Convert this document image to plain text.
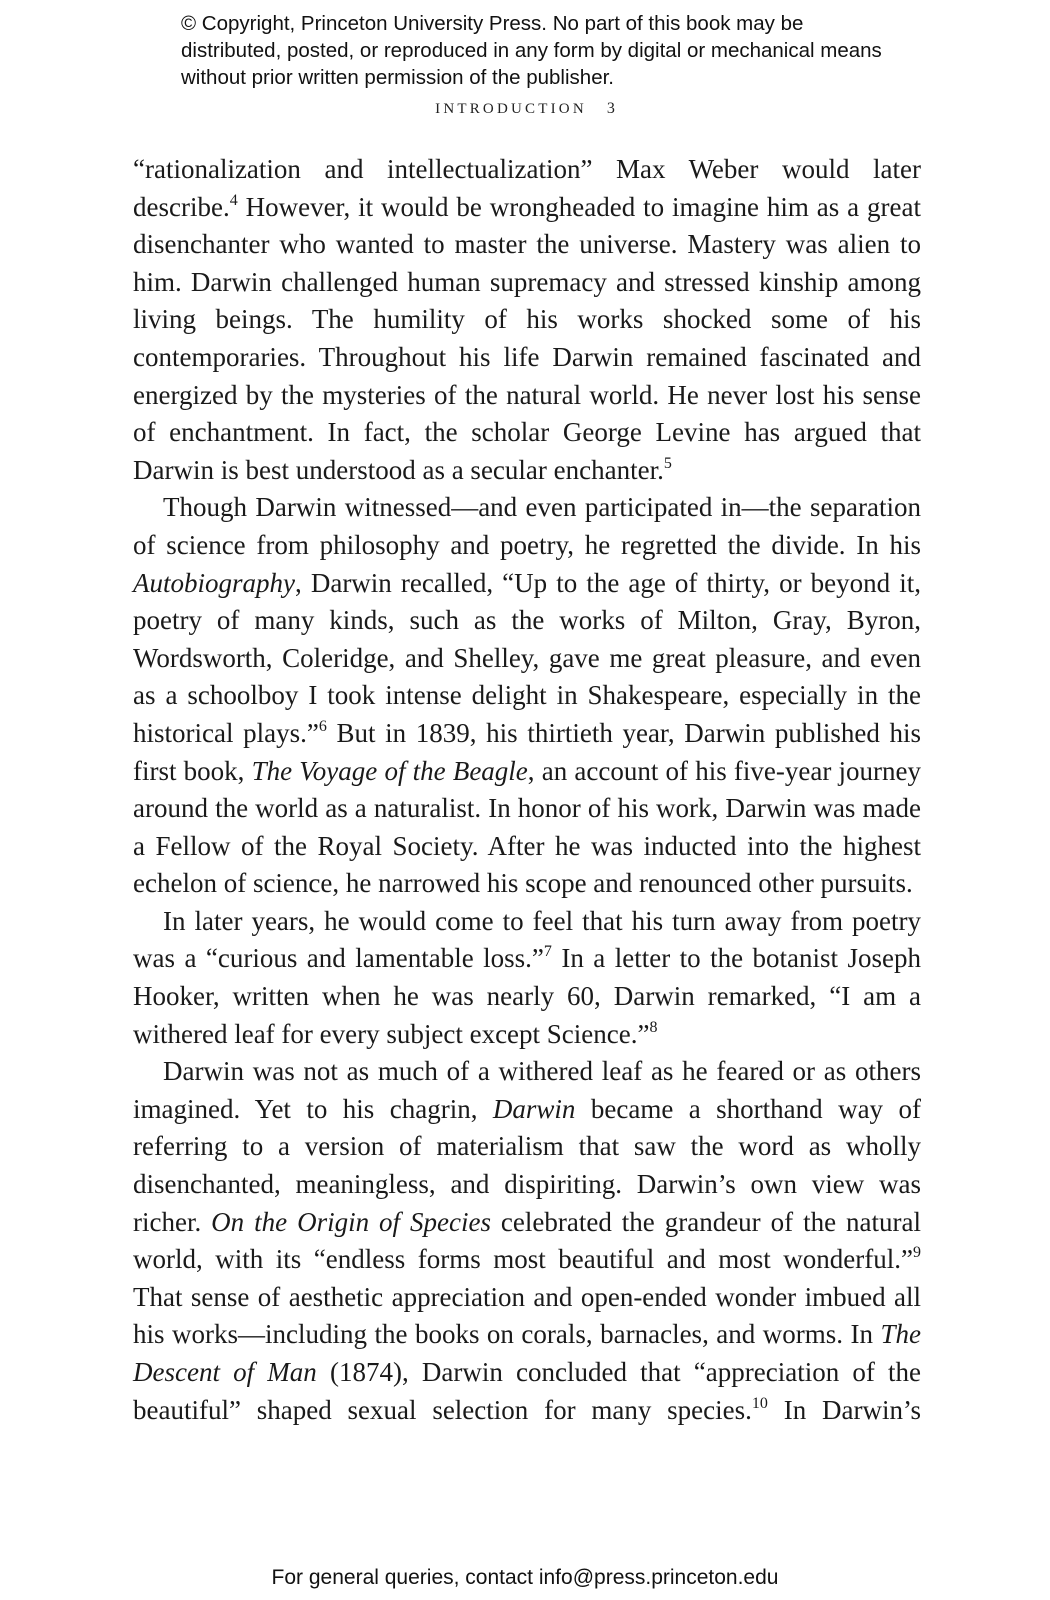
© Copyright, Princeton University Press. No part of this book may be distributed, posted, or reproduced in any form by digital or mechanical means without prior written permission of the publisher.
INTRODUCTION 3

“rationalization and intellectualization” Max Weber would later describe.$^4$ However, it would be wrongheaded to imagine him as a great disenchanter who wanted to master the universe. Mastery was alien to him. Darwin challenged human supremacy and stressed kinship among living beings. The humility of his works shocked some of his contemporaries. Throughout his life Darwin remained fascinated and energized by the mysteries of the natural world. He never lost his sense of enchantment. In fact, the scholar George Levine has argued that Darwin is best understood as a secular enchanter.$^5$

Though Darwin witnessed—and even participated in—the separation of science from philosophy and poetry, he regretted the divide. In his Autobiography, Darwin recalled, “Up to the age of thirty, or beyond it, poetry of many kinds, such as the works of Milton, Gray, Byron, Wordsworth, Coleridge, and Shelley, gave me great pleasure, and even as a schoolboy I took intense delight in Shakespeare, especially in the historical plays.”$^6$ But in 1839, his thirtieth year, Darwin published his first book, The Voyage of the Beagle, an account of his five-year journey around the world as a naturalist. In honor of his work, Darwin was made a Fellow of the Royal Society. After he was inducted into the highest echelon of science, he narrowed his scope and renounced other pursuits.

In later years, he would come to feel that his turn away from poetry was a “curious and lamentable loss.”$^7$ In a letter to the botanist Joseph Hooker, written when he was nearly 60, Darwin remarked, “I am a withered leaf for every subject except Science.”$^8$

Darwin was not as much of a withered leaf as he feared or as others imagined. Yet to his chagrin, Darwin became a shorthand way of referring to a version of materialism that saw the word as wholly disenchanted, meaningless, and dispiriting. Darwin’s own view was richer. On the Origin of Species celebrated the grandeur of the natural world, with its “endless forms most beautiful and most wonderful.”$^9$ That sense of aesthetic appreciation and open-ended wonder imbued all his works—including the books on corals, barnacles, and worms. In The Descent of Man (1874), Darwin concluded that “appreciation of the beautiful” shaped sexual selection for many species.$^{10}$ In Darwin’s

For general queries, contact info@press.princeton.edu
